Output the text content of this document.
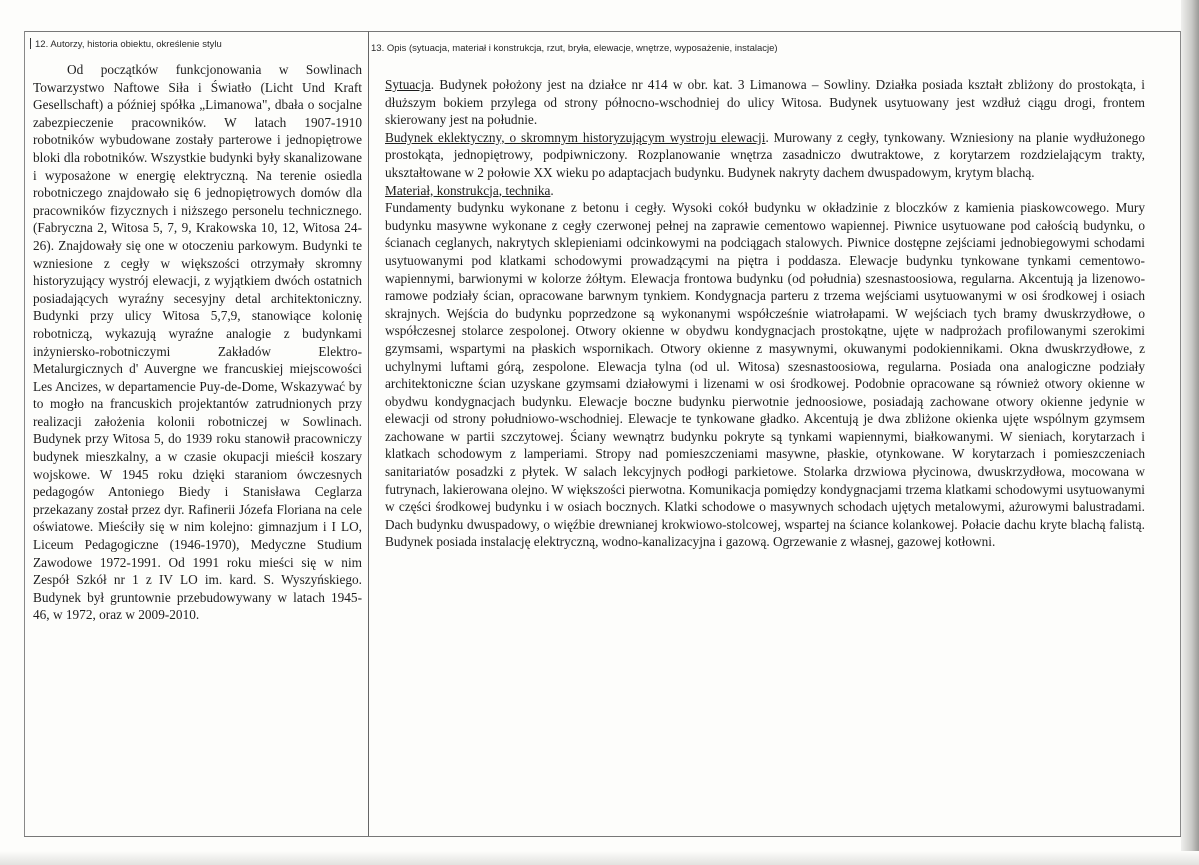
12. Autorzy, historia obiektu, określenie stylu

Od początków funkcjonowania w Sowlinach Towarzystwo Naftowe Siła i Światło (Licht Und Kraft Gesellschaft) a później spółka „Limanowa", dbała o socjalne zabezpieczenie pracowników. W latach 1907-1910 robotników wybudowane zostały parterowe i jednopiętrowe bloki dla robotników. Wszystkie budynki były skanalizowane i wyposażone w energię elektryczną. Na terenie osiedla robotniczego znajdowało się 6 jednopiętrowych domów dla pracowników fizycznych i niższego personelu technicznego. (Fabryczna 2, Witosa 5, 7, 9, Krakowska 10, 12, Witosa 24-26). Znajdowały się one w otoczeniu parkowym. Budynki te wzniesione z cegły w większości otrzymały skromny historyzujący wystrój elewacji, z wyjątkiem dwóch ostatnich posiadających wyraźny secesyjny detal architektoniczny. Budynki przy ulicy Witosa 5,7,9, stanowiące kolonię robotniczą, wykazują wyraźne analogie z budynkami inżyniersko-robotniczymi Zakładów Elektro-Metalurgicznych d' Auvergne we francuskiej miejscowości Les Ancizes, w departamencie Puy-de-Dome, Wskazywać by to mogło na francuskich projektantów zatrudnionych przy realizacji założenia kolonii robotniczej w Sowlinach. Budynek przy Witosa 5, do 1939 roku stanowił pracowniczy budynek mieszkalny, a w czasie okupacji mieścił koszary wojskowe. W 1945 roku dzięki staraniom ówczesnych pedagogów Antoniego Biedy i Stanisława Ceglarza przekazany został przez dyr. Rafinerii Józefa Floriana na cele oświatowe. Mieściły się w nim kolejno: gimnazjum i I LO, Liceum Pedagogiczne (1946-1970), Medyczne Studium Zawodowe 1972-1991. Od 1991 roku mieści się w nim Zespół Szkół nr 1 z IV LO im. kard. S. Wyszyńskiego. Budynek był gruntownie przebudowywany w latach 1945-46, w 1972, oraz w 2009-2010.

13. Opis (sytuacja, materiał i konstrukcja, rzut, bryła, elewacje, wnętrze, wyposażenie, instalacje)

Sytuacja. Budynek położony jest na działce nr 414 w obr. kat. 3 Limanowa – Sowliny. Działka posiada kształt zbliżony do prostokąta, i dłuższym bokiem przylega od strony północno-wschodniej do ulicy Witosa. Budynek usytuowany jest wzdłuż ciągu drogi, frontem skierowany jest na południe.

Budynek eklektyczny, o skromnym historyzującym wystroju elewacji. Murowany z cegły, tynkowany. Wzniesiony na planie wydłużonego prostokąta, jednopiętrowy, podpiwniczony. Rozplanowanie wnętrza zasadniczo dwutraktowe, z korytarzem rozdzielającym trakty, ukształtowane w 2 połowie XX wieku po adaptacjach budynku. Budynek nakryty dachem dwuspadowym, krytym blachą.

Materiał, konstrukcja, technika.

Fundamenty budynku wykonane z betonu i cegły. Wysoki cokół budynku w okładzinie z bloczków z kamienia piaskowcowego. Mury budynku masywne wykonane z cegły czerwonej pełnej na zaprawie cementowo wapiennej. Piwnice usytuowane pod całością budynku, o ścianach ceglanych, nakrytych sklepieniami odcinkowymi na podciągach stalowych. Piwnice dostępne zejściami jednobiegowymi schodami usytuowanymi pod klatkami schodowymi prowadzącymi na piętra i poddasza. Elewacje budynku tynkowane tynkami cementowo-wapiennymi, barwionymi w kolorze żółtym. Elewacja frontowa budynku (od południa) szesnastoosiowa, regularna. Akcentują ja lizenowo-ramowe podziały ścian, opracowane barwnym tynkiem. Kondygnacja parteru z trzema wejściami usytuowanymi w osi środkowej i osiach skrajnych. Wejścia do budynku poprzedzone są wykonanymi współcześnie wiatrołapami. W wejściach tych bramy dwuskrzydłowe, o współczesnej stolarce zespolonej. Otwory okienne w obydwu kondygnacjach prostokątne, ujęte w nadprożach profilowanymi szerokimi gzymsami, wspartymi na płaskich wspornikach. Otwory okienne z masywnymi, okuwanymi podokiennikami. Okna dwuskrzydłowe, z uchylnymi luftami górą, zespolone. Elewacja tylna (od ul. Witosa) szesnastoosiowa, regularna. Posiada ona analogiczne podziały architektoniczne ścian uzyskane gzymsami działowymi i lizenami w osi środkowej. Podobnie opracowane są również otwory okienne w obydwu kondygnacjach budynku. Elewacje boczne budynku pierwotnie jednoosiowe, posiadają zachowane otwory okienne jedynie w elewacji od strony południowo-wschodniej. Elewacje te tynkowane gładko. Akcentują je dwa zbliżone okienka ujęte wspólnym gzymsem zachowane w partii szczytowej. Ściany wewnątrz budynku pokryte są tynkami wapiennymi, białkowanymi. W sieniach, korytarzach i klatkach schodowym z lamperiami. Stropy nad pomieszczeniami masywne, płaskie, otynkowane. W korytarzach i pomieszczeniach sanitariatów posadzki z płytek. W salach lekcyjnych podłogi parkietowe. Stolarka drzwiowa płycinowa, dwuskrzydłowa, mocowana w futrynach, lakierowana olejno. W większości pierwotna. Komunikacja pomiędzy kondygnacjami trzema klatkami schodowymi usytuowanymi w części środkowej budynku i w osiach bocznych. Klatki schodowe o masywnych schodach ujętych metalowymi, ażurowymi balustradami. Dach budynku dwuspadowy, o więźbie drewnianej krokwiowo-stolcowej, wspartej na ściance kolankowej. Połacie dachu kryte blachą falistą. Budynek posiada instalację elektryczną, wodno-kanalizacyjna i gazową. Ogrzewanie z własnej, gazowej kotłowni.
